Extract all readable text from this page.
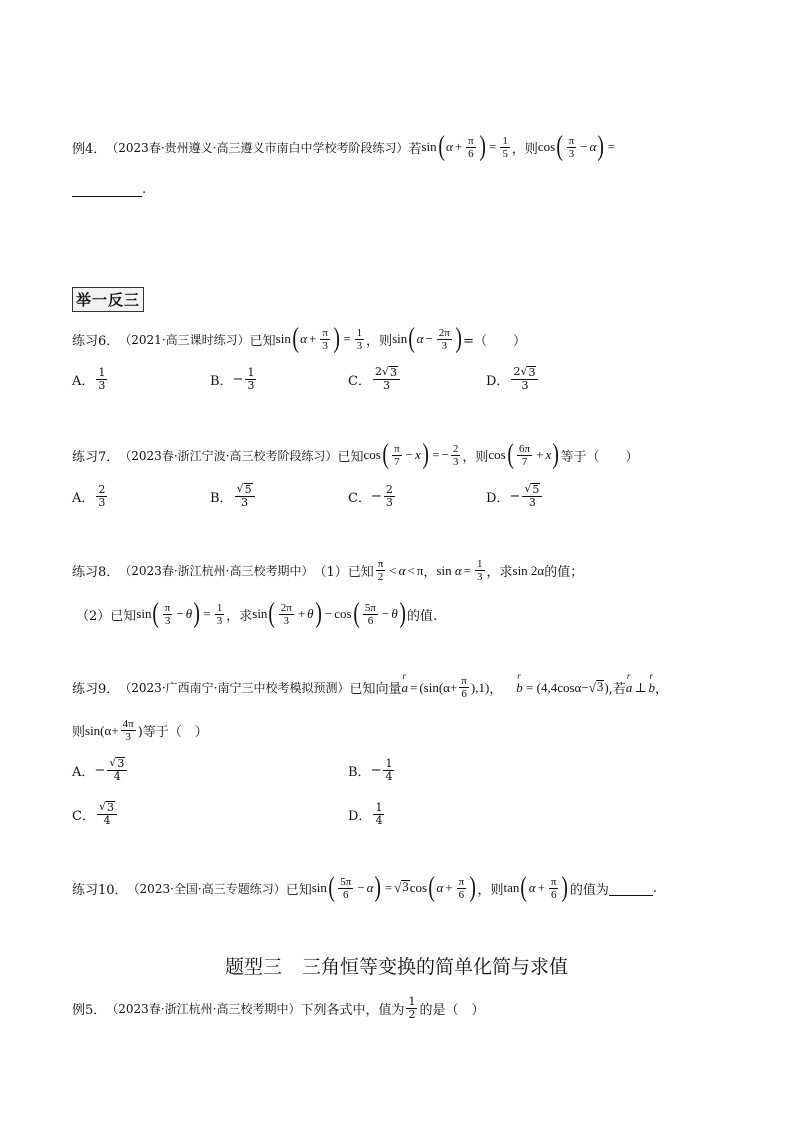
例4． （2023春·贵州遵义·高三遵义市南白中学校考阶段练习） 若 sin ( $\alpha + \frac{\pi}{6}$ ) = $\frac{1}{5}$ ，则 cos ( $\frac{\pi}{3} - \alpha$ ) =
.
举一反三
练习6． （2021·高三课时练习） 已知 sin ( $\alpha + \frac{\pi}{3}$ ) = $\frac{1}{3}$ ，则 sin ( $\alpha - \frac{2\pi}{3}$ ) =（　　）
A． $\frac{1}{3}$	B． − $\frac{1}{3}$	C． $\frac{2√ 3}{3}$	D． $\frac{2√ 3}{3}$
练习7． （2023春·浙江宁波·高三校考阶段练习） 已知 cos ( $\frac{\pi}{7} - x$ ) = − $\frac{2}{3}$ ，则 cos ( $\frac{6\pi}{7} + x$ ) 等于（　　）
A． $\frac{2}{3}$	B． $\frac{√ 5}{3}$	C． − $\frac{2}{3}$	D． − $\frac{√ 5}{3}$
练习8． （2023春·浙江杭州·高三校考期中） （1）已知 $\frac{\pi}{2} < \alpha < \pi$ ， sin
$\alpha = \frac{1}{3}$ ，求 sin 2α 的值；
（2）已知 sin ( $\frac{\pi}{3} - \theta$ ) = $\frac{1}{3}$ ，求 sin ( $\frac{2\pi}{3} + \theta$ ) − cos ( $\frac{5\pi}{6} - \theta$ ) 的值.
练习9． （2023·广西南宁·南宁三中校考模拟预测） 已知向量
r
$a = (\sin(\alpha+ \frac{\pi}{6} ),1)$ ，
r
b
= (4,4cosα− √ 3 ) ,若
r
a ⊥
r
b ，
则 $\sin(\alpha+ \frac{4\pi}{3}$ )等于（　）
A． − $\frac{√ 3}{4}$	B． − $\frac{1}{4}$
C． $\frac{√ 3}{4}$	D． $\frac{1}{4}$
练习10． （2023·全国·高三专题练习） 已知 sin ( $\frac{5\pi}{6} - \alpha$ ) = √ 3 cos ( $\alpha + \frac{\pi}{6}$ ) ，则 tan ( $\alpha + \frac{\pi}{6}$ ) 的值为	.
题型三 三角恒等变换的简单化简与求值
例5． （2023春·浙江杭州·高三校考期中） 下列各式中，值为 $\frac{1}{2}$ 的是（　）
